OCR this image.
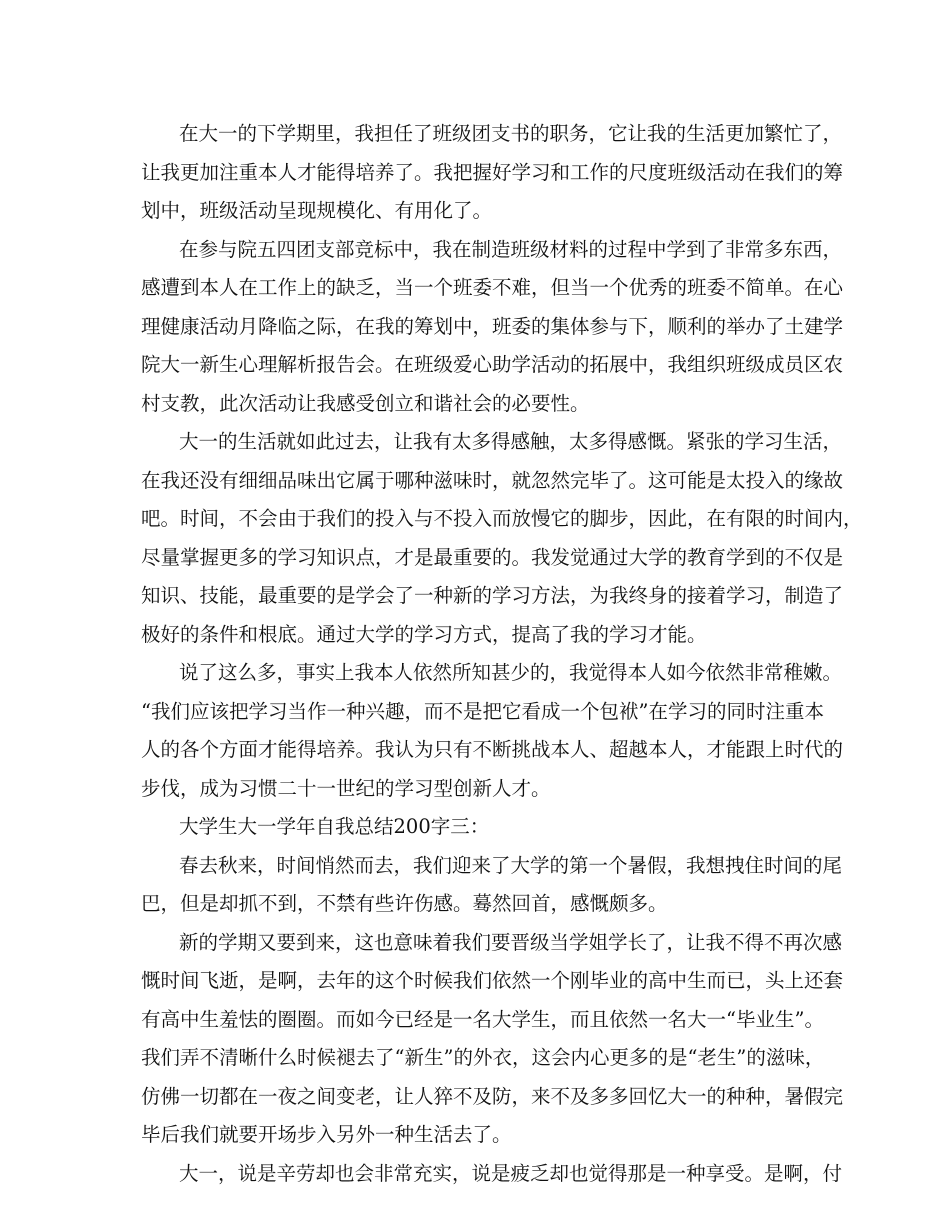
在大一的下学期里，我担任了班级团支书的职务，它让我的生活更加繁忙了，
让我更加注重本人才能得培养了。我把握好学习和工作的尺度班级活动在我们的筹
划中，班级活动呈现规模化、有用化了。
在参与院五四团支部竞标中，我在制造班级材料的过程中学到了非常多东西，
感遭到本人在工作上的缺乏，当一个班委不难，但当一个优秀的班委不简单。在心
理健康活动月降临之际，在我的筹划中，班委的集体参与下，顺利的举办了土建学
院大一新生心理解析报告会。在班级爱心助学活动的拓展中，我组织班级成员区农
村支教，此次活动让我感受创立和谐社会的必要性。
大一的生活就如此过去，让我有太多得感触，太多得感慨。紧张的学习生活，
在我还没有细细品味出它属于哪种滋味时，就忽然完毕了。这可能是太投入的缘故
吧。时间，不会由于我们的投入与不投入而放慢它的脚步，因此，在有限的时间内，
尽量掌握更多的学习知识点，才是最重要的。我发觉通过大学的教育学到的不仅是
知识、技能，最重要的是学会了一种新的学习方法，为我终身的接着学习，制造了
极好的条件和根底。通过大学的学习方式，提高了我的学习才能。
说了这么多，事实上我本人依然所知甚少的，我觉得本人如今依然非常稚嫩。
“我们应该把学习当作一种兴趣，而不是把它看成一个包袱”在学习的同时注重本
人的各个方面才能得培养。我认为只有不断挑战本人、超越本人，才能跟上时代的
步伐，成为习惯二十一世纪的学习型创新人才。
大学生大一学年自我总结200字三：
春去秋来，时间悄然而去，我们迎来了大学的第一个暑假，我想拽住时间的尾
巴，但是却抓不到，不禁有些许伤感。蓦然回首，感慨颇多。
新的学期又要到来，这也意味着我们要晋级当学姐学长了，让我不得不再次感
慨时间飞逝，是啊，去年的这个时候我们依然一个刚毕业的高中生而已，头上还套
有高中生羞怯的圈圈。而如今已经是一名大学生，而且依然一名大一“毕业生”。
我们弄不清晰什么时候褪去了“新生”的外衣，这会内心更多的是“老生”的滋味，
仿佛一切都在一夜之间变老，让人猝不及防，来不及多多回忆大一的种种，暑假完
毕后我们就要开场步入另外一种生活去了。
大一，说是辛劳却也会非常充实，说是疲乏却也觉得那是一种享受。是啊，付
